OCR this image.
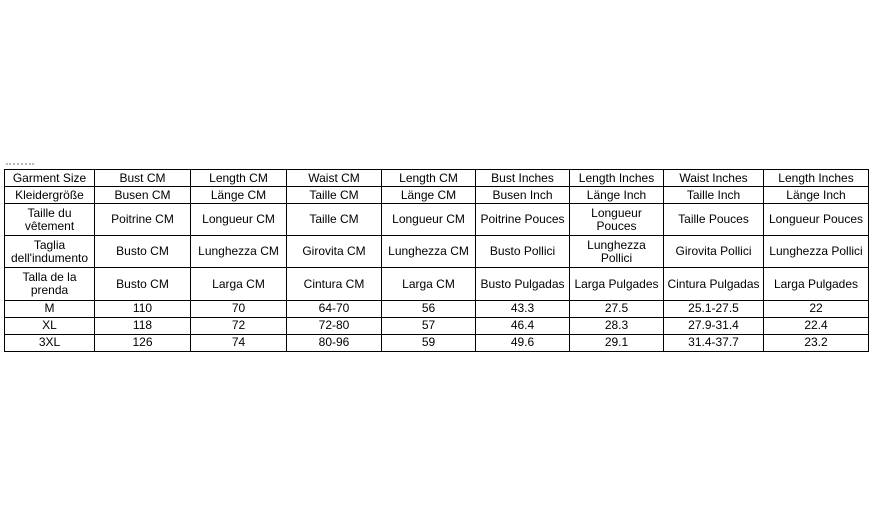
Garment Size	Bust CM	Length CM	Waist CM	Length CM	Bust Inches	Length Inches	Waist Inches	Length Inches
Kleidergröße	Busen CM	Länge CM	Taille CM	Länge CM	Busen Inch	Länge Inch	Taille Inch	Länge Inch
Taille du vêtement	Poitrine CM	Longueur CM	Taille CM	Longueur CM	Poitrine Pouces	Longueur Pouces	Taille Pouces	Longueur Pouces
Taglia dell'indumento	Busto CM	Lunghezza CM	Girovita CM	Lunghezza CM	Busto Pollici	Lunghezza Pollici	Girovita Pollici	Lunghezza Pollici
Talla de la prenda	Busto CM	Larga CM	Cintura CM	Larga CM	Busto Pulgadas	Larga Pulgades	Cintura Pulgadas	Larga Pulgades
M	110	70	64-70	56	43.3	27.5	25.1-27.5	22
XL	118	72	72-80	57	46.4	28.3	27.9-31.4	22.4
3XL	126	74	80-96	59	49.6	29.1	31.4-37.7	23.2
